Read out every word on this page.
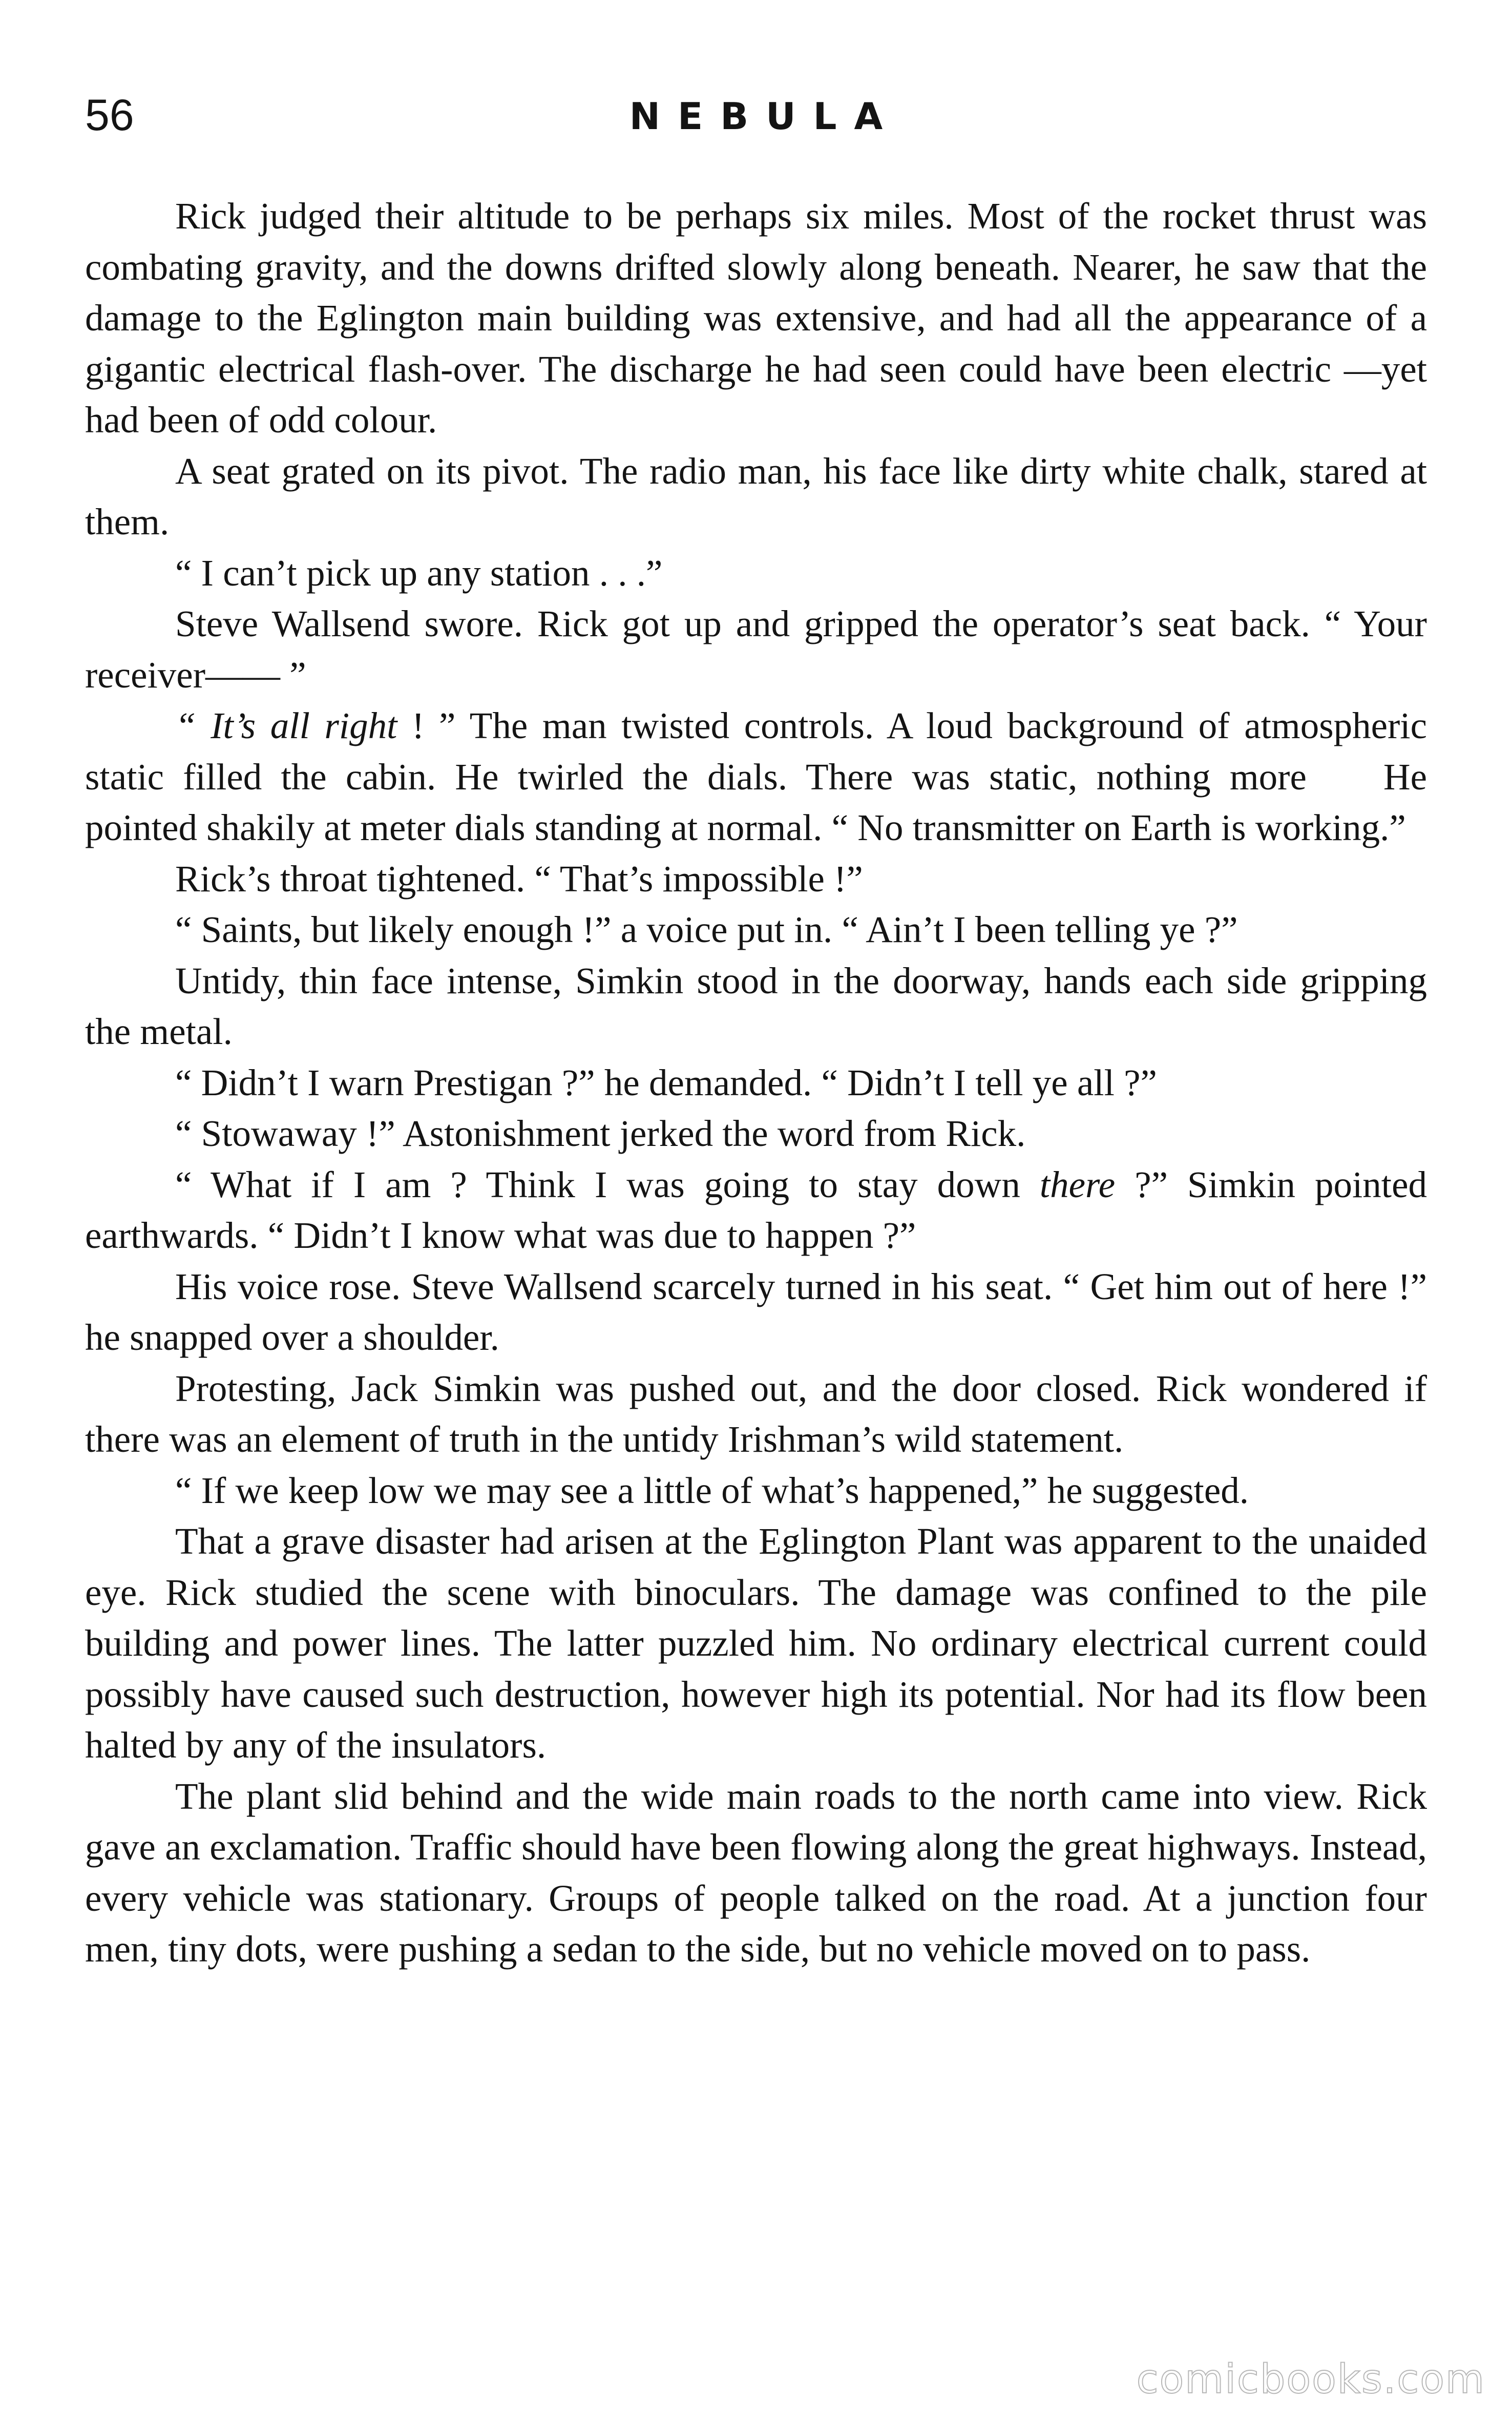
56	NEBULA

Rick judged their altitude to be perhaps six miles. Most of the rocket thrust was combating gravity, and the downs drifted slowly along beneath. Nearer, he saw that the damage to the Eglington main building was extensive, and had all the appearance of a gigantic electrical flash-over. The discharge he had seen could have been electric —yet had been of odd colour.

A seat grated on its pivot. The radio man, his face like dirty white chalk, stared at them.

“ I can’t pick up any station . . .”

Steve Wallsend swore. Rick got up and gripped the operator’s seat back. “ Your receiver—— ”

“ It’s all right ! ” The man twisted controls. A loud background of atmospheric static filled the cabin. He twirled the dials. There was static, nothing more He pointed shakily at meter dials standing at normal. “ No transmitter on Earth is working.”

Rick’s throat tightened. “ That’s impossible !”

“ Saints, but likely enough !” a voice put in. “ Ain’t I been telling ye ?”

Untidy, thin face intense, Simkin stood in the doorway, hands each side gripping the metal.

“ Didn’t I warn Prestigan ?” he demanded. “ Didn’t I tell ye all ?”

“ Stowaway !” Astonishment jerked the word from Rick.

“ What if I am ? Think I was going to stay down there ?” Simkin pointed earthwards. “ Didn’t I know what was due to happen ?”

His voice rose. Steve Wallsend scarcely turned in his seat. “ Get him out of here !” he snapped over a shoulder.

Protesting, Jack Simkin was pushed out, and the door closed. Rick wondered if there was an element of truth in the untidy Irishman’s wild statement.

“ If we keep low we may see a little of what’s happened,” he suggested.

That a grave disaster had arisen at the Eglington Plant was apparent to the unaided eye. Rick studied the scene with binoculars. The damage was confined to the pile building and power lines. The latter puzzled him. No ordinary electrical current could possibly have caused such destruction, however high its potential. Nor had its flow been halted by any of the insulators.

The plant slid behind and the wide main roads to the north came into view. Rick gave an exclamation. Traffic should have been flowing along the great highways. Instead, every vehicle was stationary. Groups of people talked on the road. At a junction four men, tiny dots, were pushing a sedan to the side, but no vehicle moved on to pass.

comicbooks.com
